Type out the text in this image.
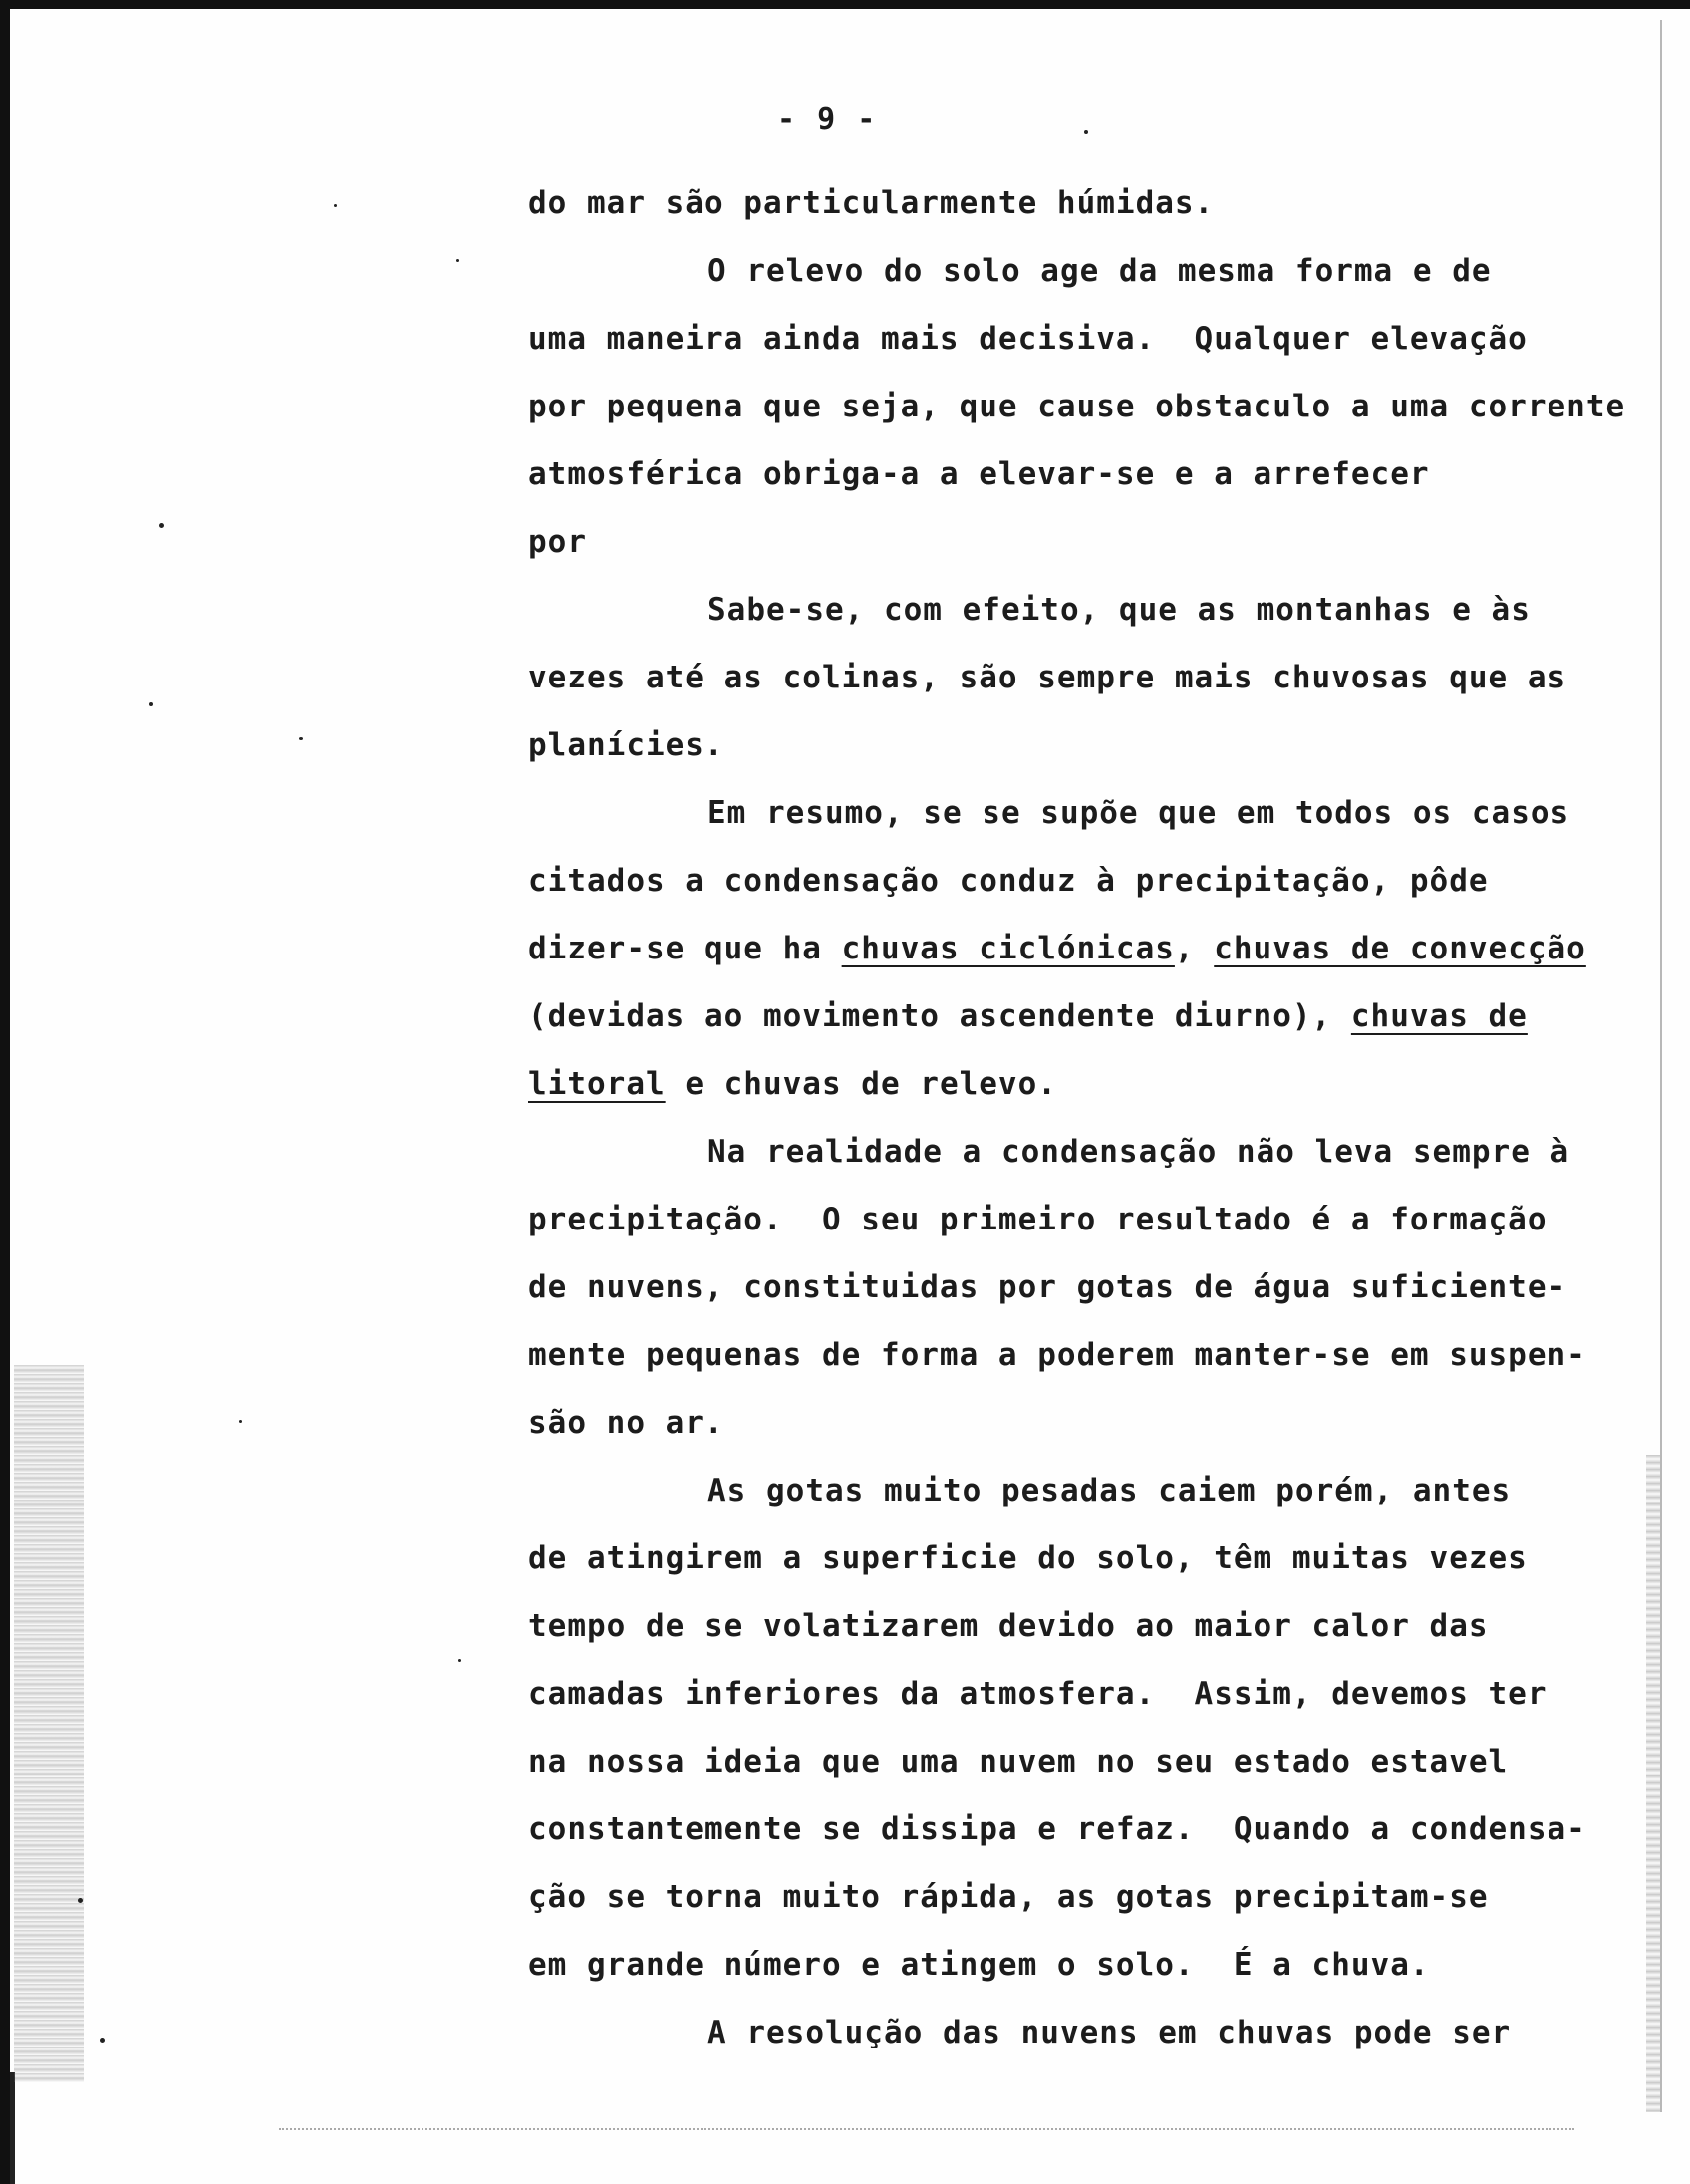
- 9 -
do mar são particularmente húmidas.
O relevo do solo age da mesma forma e de
uma maneira ainda mais decisiva.  Qualquer elevação
por pequena que seja, que cause obstaculo a uma corrente
atmosférica obriga-a a elevar-se e a arrefecer
por
Sabe-se, com efeito, que as montanhas e às
vezes até as colinas, são sempre mais chuvosas que as
planícies.
Em resumo, se se supõe que em todos os casos
citados a condensação conduz à precipitação, pôde
dizer-se que ha chuvas ciclónicas, chuvas de convecção
(devidas ao movimento ascendente diurno), chuvas de
litoral e chuvas de relevo.
Na realidade a condensação não leva sempre à
precipitação.  O seu primeiro resultado é a formação
de nuvens, constituidas por gotas de água suficiente-
mente pequenas de forma a poderem manter-se em suspen-
são no ar.
As gotas muito pesadas caiem porém, antes
de atingirem a superficie do solo, têm muitas vezes
tempo de se volatizarem devido ao maior calor das
camadas inferiores da atmosfera.  Assim, devemos ter
na nossa ideia que uma nuvem no seu estado estavel
constantemente se dissipa e refaz.  Quando a condensa-
ção se torna muito rápida, as gotas precipitam-se
em grande número e atingem o solo.  É a chuva.
A resolução das nuvens em chuvas pode ser
